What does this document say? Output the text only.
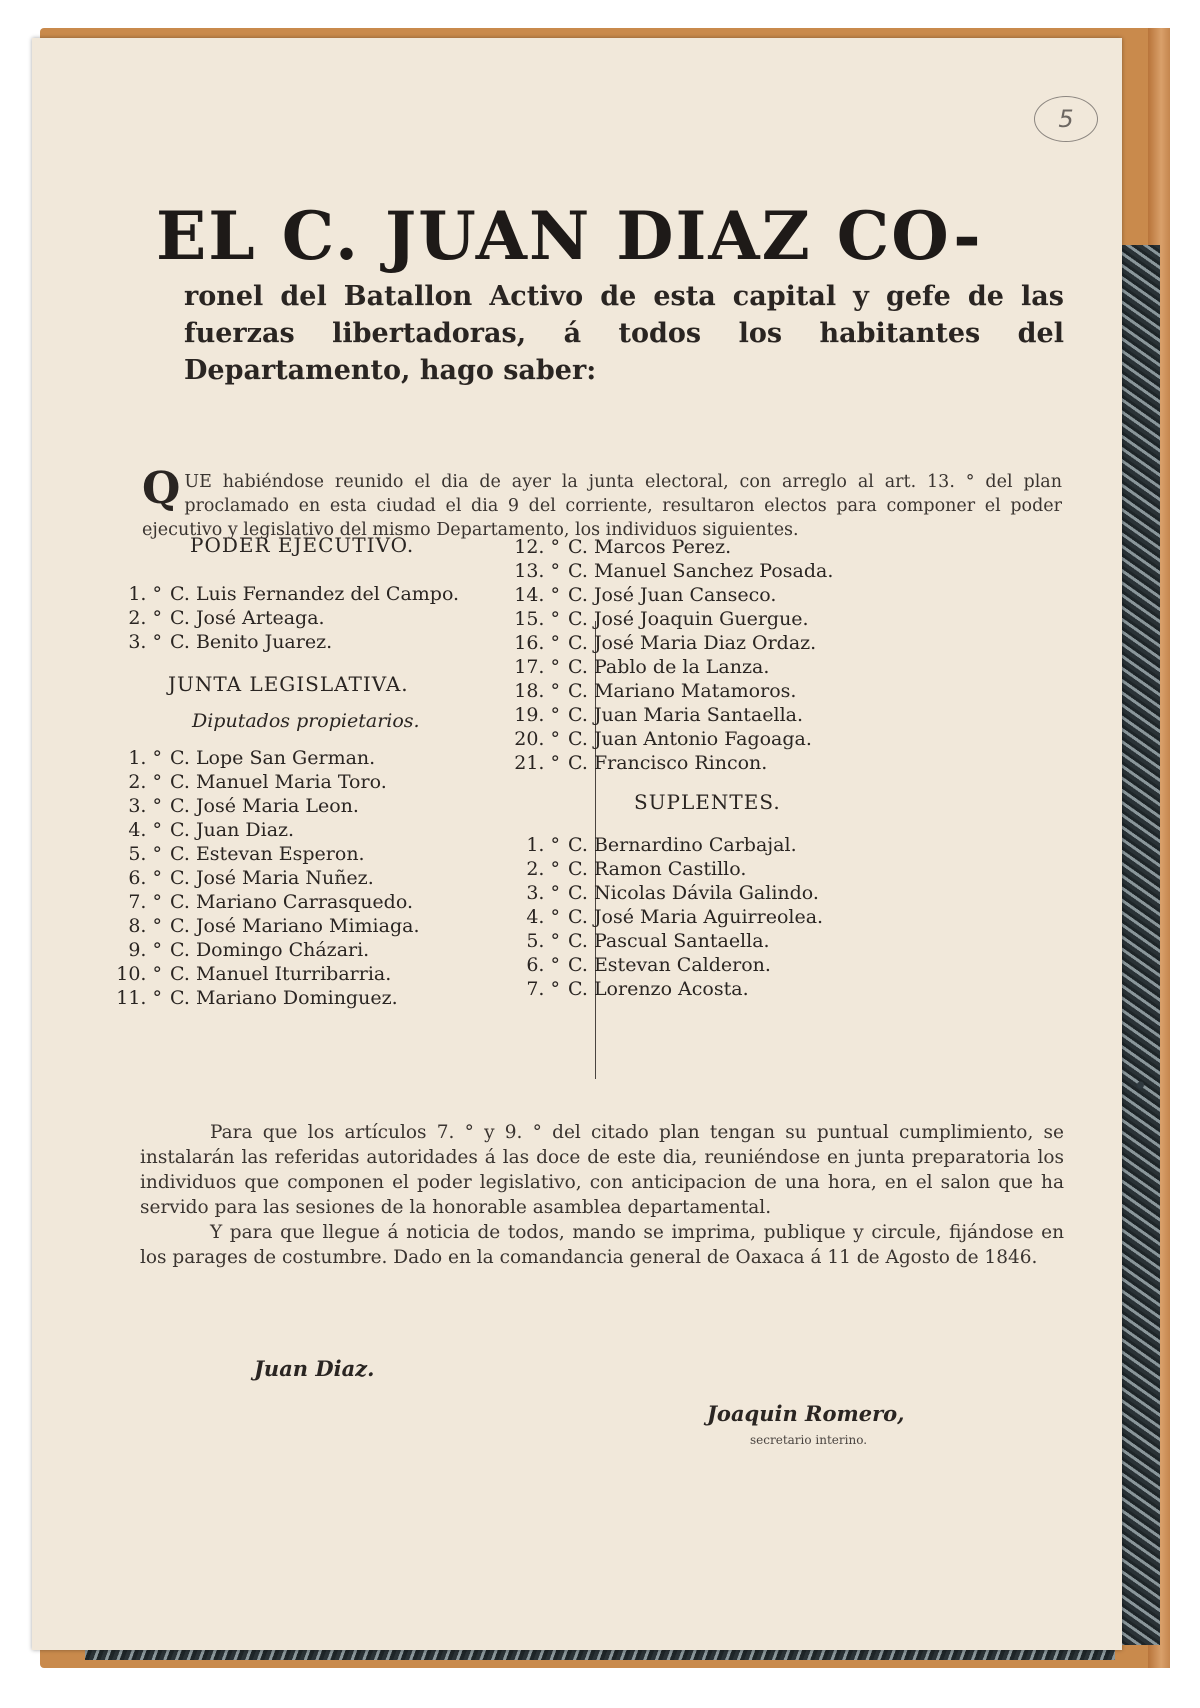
5
EL C. JUAN DIAZ CO-
ronel del Batallon Activo de esta capital y gefe de las fuerzas libertadoras, á todos los habitantes del Departamento, hago saber:
QUE habiéndose reunido el dia de ayer la junta electoral, con arreglo al art. 13. ° del plan proclamado en esta ciudad el dia 9 del corriente, resultaron electos para componer el poder ejecutivo y legislativo del mismo Departamento, los individuos siguientes.
PODER EJECUTIVO.
1. ° C. Luis Fernandez del Campo.
2. ° C. José Arteaga.
3. ° C. Benito Juarez.
JUNTA LEGISLATIVA.
Diputados propietarios.
1. ° C. Lope San German.
2. ° C. Manuel Maria Toro.
3. ° C. José Maria Leon.
4. ° C. Juan Diaz.
5. ° C. Estevan Esperon.
6. ° C. José Maria Nuñez.
7. ° C. Mariano Carrasquedo.
8. ° C. José Mariano Mimiaga.
9. ° C. Domingo Cházari.
10. ° C. Manuel Iturribarria.
11. ° C. Mariano Dominguez.
12. ° C. Marcos Perez.
13. ° C. Manuel Sanchez Posada.
14. ° C. José Juan Canseco.
15. ° C. José Joaquin Guergue.
16. ° C. José Maria Diaz Ordaz.
17. ° C. Pablo de la Lanza.
18. ° C. Mariano Matamoros.
19. ° C. Juan Maria Santaella.
20. ° C. Juan Antonio Fagoaga.
21. ° C. Francisco Rincon.
SUPLENTES.
1. ° C. Bernardino Carbajal.
2. ° C. Ramon Castillo.
3. ° C. Nicolas Dávila Galindo.
4. ° C. José Maria Aguirreolea.
5. ° C. Pascual Santaella.
6. ° C. Estevan Calderon.
7. ° C. Lorenzo Acosta.

Para que los artículos 7. ° y 9. ° del citado plan tengan su puntual cumplimiento, se instalarán las referidas autoridades á las doce de este dia, reuniéndose en junta preparatoria los individuos que componen el poder legislativo, con anticipacion de una hora, en el salon que ha servido para las sesiones de la honorable asamblea departamental.

Y para que llegue á noticia de todos, mando se imprima, publique y circule, fijándose en los parages de costumbre. Dado en la comandancia general de Oaxaca á 11 de Agosto de 1846.

Juan Diaz.
Joaquin Romero,
secretario interino.
